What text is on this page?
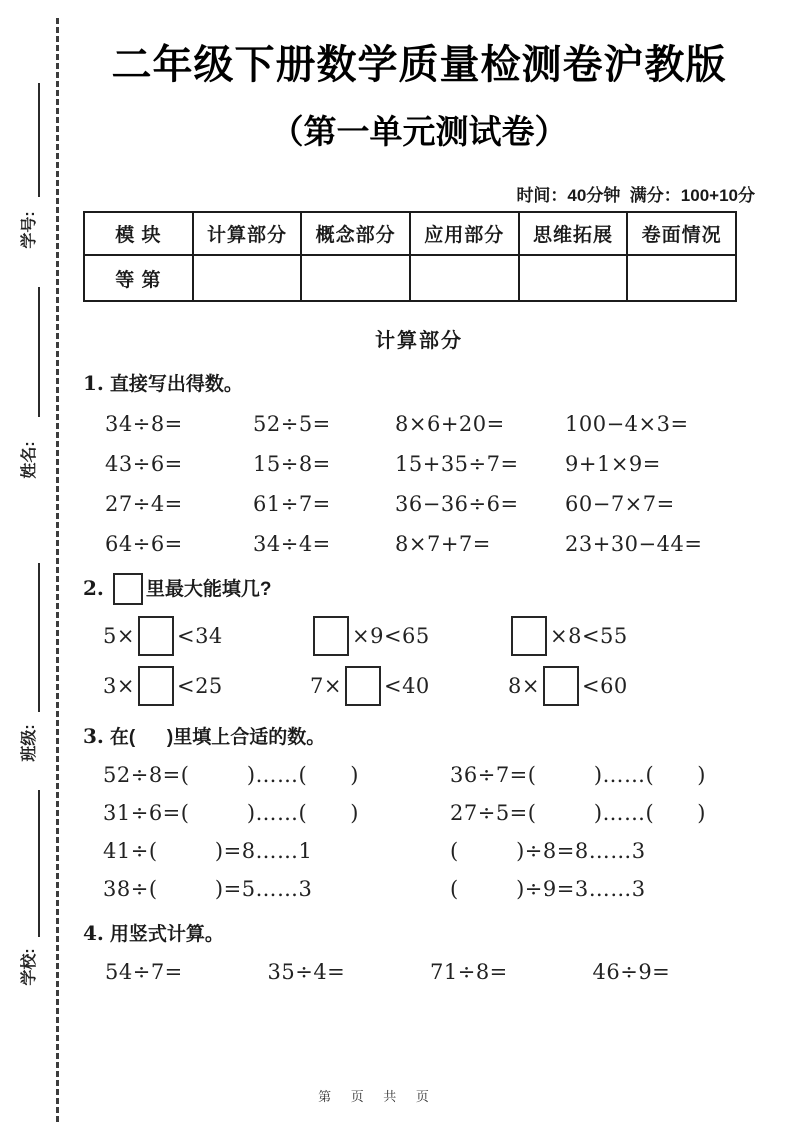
学号:
姓名:
班级:
学校:
二年级下册数学质量检测卷沪教版
（第一单元测试卷）
时间：40分钟  满分：100+10分
模 块	计算部分	概念部分	应用部分	思维拓展	卷面情况
等 第					
计算部分
1. 直接写出得数。
34÷8=	52÷5=	8×6+20=	100−4×3=
43÷6=	15÷8=	15+35÷7=	9+1×9=
27÷4=	61÷7=	36−36÷6=	60−7×7=
64÷6=	34÷4=	8×7+7=	23+30−44=
2. 里最大能填几?
5× <34	×9<65	×8<55
3× <25	7× <40	8× <60
3. 在(      )里填上合适的数。
52÷8=(        )……(      )	36÷7=(        )……(      )
31÷6=(        )……(      )	27÷5=(        )……(      )
41÷(        )=8……1	(        )÷8=8……3
38÷(        )=5……3	(        )÷9=3……3
4. 用竖式计算。
54÷7=	35÷4=	71÷8=	46÷9=
第 页 共 页
